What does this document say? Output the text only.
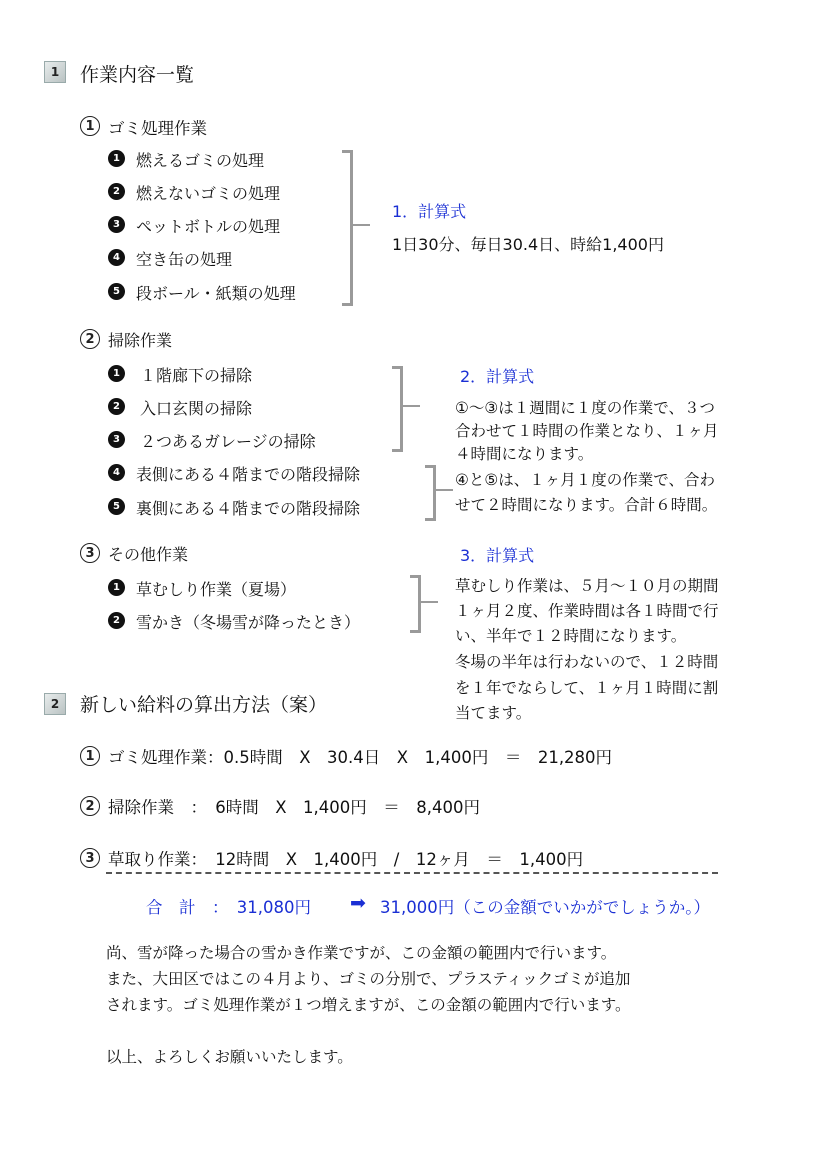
1	作業内容一覧
1 ゴミ処理作業
1	燃えるゴミの処理
2	燃えないゴミの処理
3	ペットボトルの処理
4	空き缶の処理
5	段ボール・紙類の処理
1．計算式
1日30分、毎日30.4日、時給1,400円
2 掃除作業
1	１階廊下の掃除
2	入口玄関の掃除
3	２つあるガレージの掃除
4	表側にある４階までの階段掃除
5	裏側にある４階までの階段掃除
2．計算式
①〜③は１週間に１度の作業で、３つ
合わせて１時間の作業となり、１ヶ月
４時間になります。
④と⑤は、１ヶ月１度の作業で、合わ
せて２時間になります。合計６時間。
3 その他作業
1	草むしり作業（夏場）
2	雪かき（冬場雪が降ったとき）
3．計算式
草むしり作業は、５月〜１０月の期間
１ヶ月２度、作業時間は各１時間で行
い、半年で１２時間になります。
冬場の半年は行わないので、１２時間
を１年でならして、１ヶ月１時間に割
当てます。
2	新しい給料の算出方法（案）
1 ゴミ処理作業：0.5時間　X　30.4日　X　1,400円　＝　21,280円
2 掃除作業　：　6時間　X　1,400円　＝　8,400円
3 草取り作業：　12時間　X　1,400円　/　12ヶ月　＝　1,400円
合　計　：　31,080円 ➡ 31,000円（この金額でいかがでしょうか。）
尚、雪が降った場合の雪かき作業ですが、この金額の範囲内で行います。
また、大田区ではこの４月より、ゴミの分別で、プラスティックゴミが追加
されます。ゴミ処理作業が１つ増えますが、この金額の範囲内で行います。
以上、よろしくお願いいたします。
